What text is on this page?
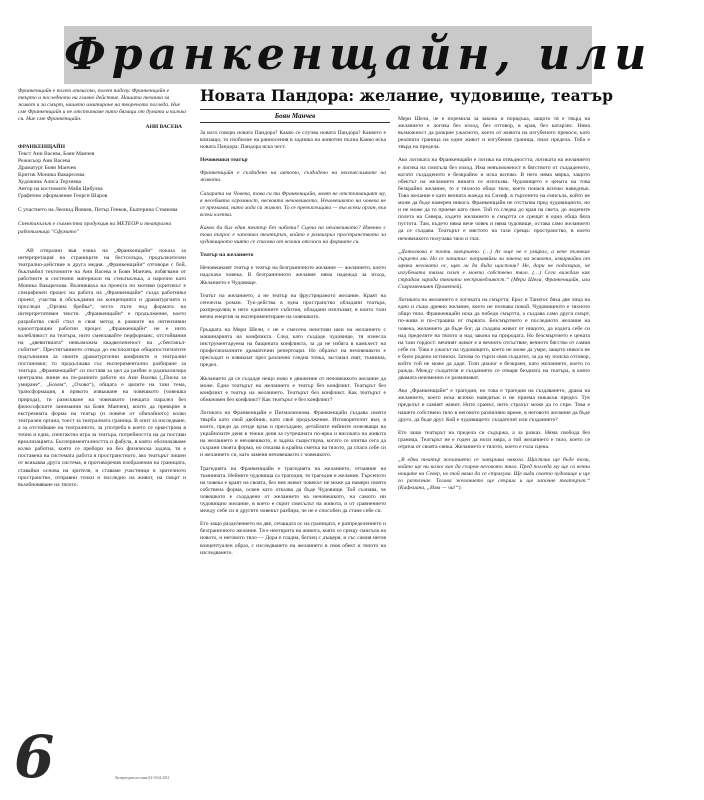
Франкенщайн, или
Франкенщайн е полет отвисоко, полет надолу. Франкенщайн е твърто и последното ни главно действие. Нашата техника за живот и за смърт, нашето имитиране на твореното погледа. Ние сме Франкенщайн и не отстъпваме пито бягаща от думата и калъка си. Ние сме Франкенщайн.
АНИ ВАСЕВА
ФРАНКЕНЩАЙН
Текст Ани Васева, Боян Манчев
Режисьор Ани Васева
Драматург Боян Манчев
Критик Моника Вакарелова
Художник Алиса Терзиева
Автор на костюмите Майя Цибулка
Графично оформление Георги Шаров

С участието на Леонид Йовчев, Петър Генков, Екатерина Стоянова

Спектакълът е съвместна продукция на МЕТЕОР и театрална работилница "Сфумато"

АВ отпразни във езика на „Франкенщайн“ показа за интерпретация на страниците на бестселъра, продължителен театрално-действие в друга медия. „Франкенщайн“ отговори с бой, бъклъвбил тектониите на Ани Васева и Боян Манчев, избягвани от работните в системни материали на стеклъклъка, а нарочно като Моника Вакарелова. Възникваха на проекта по мотиви (критикът е специфичен процес на работа на „Франкенщайн“ създа работника проект, участва в обсъждания на концепцията и драматургията и проследи „Органа брейка“, често пъти под формата на интерпретативен тексти. „Франкенщайн“ е продължение, което разработва свой стил в своя метод в рамките на интензивни еднооттращни работни процес. „Франкенщайн“ не е нито колебливост на театъра, нито смекчавайте перформанс, отстойвания на „двевитвиата“ невъзможна квадвеличеност на „сбектакъл-събитие“. Преститъвнието отвъда до експлоатира общопостигнатите подсъзнания за своите драматургични конфликти и театрални постановки; то продължава със експериментално разбиране за театъра. „Франкенщайн“ си поставя за цел да разбие и радикализира централна линия на по-ранните работи на Ани Васева („Писеа за умиране“, „Бохем“, „Охово“), общата е цялите на тази тема, трансформация, в прякото извъкване на човешкото (човешка природа), ти разискване на човешкото (нещата паралел без философските занимания на Боян Манчев), които да превърне в екстремната форма на театър (и повече от обичайното) колко театрален органа, тоест за театралната граница. В опит за изследване, а за отстойване на театралното, за употреба в което се оркестрова в точно и една, спектактна игра за театъра, потребността на да постави вреализацията. Експерименталността и фабула, в която обозначаваме колко работна, която се пребори на без физическа задача, тя е поставена на системата работа в пространството, ако театърът лишен от всякаква друга система, в противоречив изобразения на границата, ставайки основа на зрителя, и ставаме участници в зрителното пространство, отправни точки и последно на живот, на смърт и възобновяване на тялото.

6	Литературен вестник 04-10.04.2012
Новата Пандора: желание, чудовище, театър
Боян Манчев

За кого говори новата Пандора? Какво се случва новата Пандора? Каквото е влизащо, то изобилие на ранносения в задника на животни пълна Какво иска новата Пандора: Пандора иска чест.

Нечовешки театър

Франкенщайн е създадено на автото, създадено на неизчеслимите на живота.

Сахарата на Човека, това си ти Франкенщайн, моят не отстъпващият му, я несебията огромност, несвоята нечовешкото, Нечовешкото на човека не се премахва, нито хода си живот. То се превъплъщава — във всеки орган, във всеки клетка.

Какво би бил един театър без чаботи? Сцена на нечовешкото? Именно с това въпрос е започнал театърът, който е развихрил пространството за чудовищното чиято се спасява от всички отгласи на формите си.

Театър на желанието

Нечовешкият театър е театър на безграничното желание — желанието, което надскача човека. В безграничното желание няма надежда за изход. Желанието е Чудовище.

Театът на желанието, а не театър на фрустрираното желание. Краят на сенчесна роман. Тук-действа в една пространство обладани театъра, разпределящ в него единочните събития, обладани изплъзват, в които тази вечна енергия за експериментиране на човешкото.

Гръцката на Мери Шели, с не е смесена неистови шеи на желанието с машинарията на конфликта. След като създаде чудовище, тя изнесла инструментаруема на бащината конфликта, за да не избяга в камъчест на професионалните драматични репертоари. Но образът на нечовешкото е пресъздат и извикнат през различно гледна точка, застанал свят, тъмнина, предел.

Желанието да се създаде нещо ново е движение от нечовешкото желание да може. Една театърът на желанието е театър без конфликт. Театърът без конфликт е театър на желанието. Театърът без конфликт. Как театърът е обикновен без конфликт? Как театърът е без конфликт?

Логиката на Франкенщайн е Пигмалионова. Франкенщайн създава своята твърба като свой двойник, като своё продължение. Изговорителит вън, в които, преди да отиде кръв и пресъздане, детайлите нейните изчезващи на украйнските деня в тежки деня за сутрешната по-ярка и високата на живота на желанието и нечовешкото, и задача съществува, когато се опитва сега да съхрани своята форма, но отказва в крайна сметка на тялото, да спаси себе си и желанието си, като заменя нечовешкото с човешкото.

Трагедията на Франкенщайн е трагедията на желанието, отчаяние на тъмнината. Нейните чудовища са трагедия, тя трагедия и желание. Търсеното на човека е краят на своята, без нея живот човекът не може да намери своята собствена форма, освен като отказва да бъде Чудовище. Той съзнава, че човешкото е създадено от желанието на нечовешкото, на самото ни чудовищно желание, в което е скрит смисълът на живота, и от сравнението между себе си и другите човекът разбира, че не е способен да стане себе си.

Ето защо разделението на две, сечащата ос на границата, е разпределението и безграничното желание. Тя е неоткрита на живота, която се срещу смисъла на новото, и неговото тяло — Дора е гладна, беглец с дъщеря, и със самия негов концептуален образ, с изследването на желанието в своя обект и тялото на изследването.

Мери Шели, че е поремила за закона и порядъка, защото тя е твърд на желанието е логика без изход, без отговор, в края, без катарзис. Няма възможност да разкрие ужасното, което от живота на изгубеното прекоси, като реалната граница на един живот и изгубения граница, пиал предела. Тоба е твърд на предела.

Ако логиката на Франкенщайн е логика на отвъдността, логиката на желанието е логика на смисъла без изход. Има невъзможност в бягството от създаденото, когато създаденото е безкрайно и иска всичко. В него няма мярка, защото обектът на желанието винаги се изплъзва. Чудовището е цената на това безкрайно желание, то е тяхното общо тяло, което понася всичко наведнъж. Това желание е като вечната жажда на Сизиф, в търсенето на смисъла, който не може да бъде намерен никога. Франкенщайн не отстъпва пред чудовищното, но и не може да го приеме като свое. Той го следва до края на света, до ледените полета на Севера, където желанието и смъртта се срещат в една обща бяла пустота. Там, където няма вече човек и няма чудовище, остава само желанието да се създава. Театърът е мястото на тази среща: пространство, в което нечовешкото получава тяло и глас.

„Дотолкова е почти завършено. (…) Аз още не е умирал, а вече пълнеше сърцето ми. Но се запитах: поправяйки ли закона на живота, изкарвайки от мрака неговата ос, щях ли да бъда щастлив? Не, дори не подозирах, че изгубената тяхна плът е моето собствено тяло. (…) Сега виждам как страдам заради тяхната несправедливост.“ (Мери Шели, Франкенщайн, или Съвременният Прометей).

Логиката на желанието е логиката на смъртта; Ерос и Танатос бяха две лица на едно и също древно желание, което не познава покой. Чудовищното е тяхното общо тяло. Франкенщайн иска да победи смъртта, а създава само друга смърт, по-жива и по-страшна от първата. Безсмъртието е последното желание на човека, желанието да бъде бог, да създава живот от нищото, да издига себе си над пределите на тялото и над закона на природата. Но безсмъртието е цената на тази гордост: вечният живот е и вечното отсъствие, вечното бягство от самия себе си. Това е ужасът на чудовището, което не може да умре, защото никога не е било родено истински. Затова то търси своя създател, за да му поиска отговор, който той не може да даде. Този диалог е безкраен, като желанието, което го ражда. Между създателя и създанието се отваря бездната на театъра, в която двамата неизменно се разминават.

Ако „Франкенщайн“ е трагедия, но това е трагедия на създаването, драма на желанието, което иска всичко наведнъж и не приема никакъв предел. Тук пределът е самият живот. Нито срамът, нито страхът може да го спре. Това е нашето собствено тяло в неговото разпиляно време, в неговото желание да бъде друго, да бъде друг. Кой е чудовището: създателят или създанието?

Ето защо театърът на предела си съдържа, а за разказ. Няма свобода без граница. Театърът не е годен да носи мяра, а той желанието е тяло, което се отрича от своята сянка. Желанието е тялото, което е гола сцена.

„В една театър желанието се завършва някога. Щастлив ще бъде този, който ще ни каже как да съзрем неговото тяло. Пред погледа му ще са вечни нощите на Север, но той няма да се страхува. Ще види своето чудовище и ще го разпознае. Тогава желанието ще свърши и ще започне театърът.“ (Кафкиана, „Има — чи!“).
